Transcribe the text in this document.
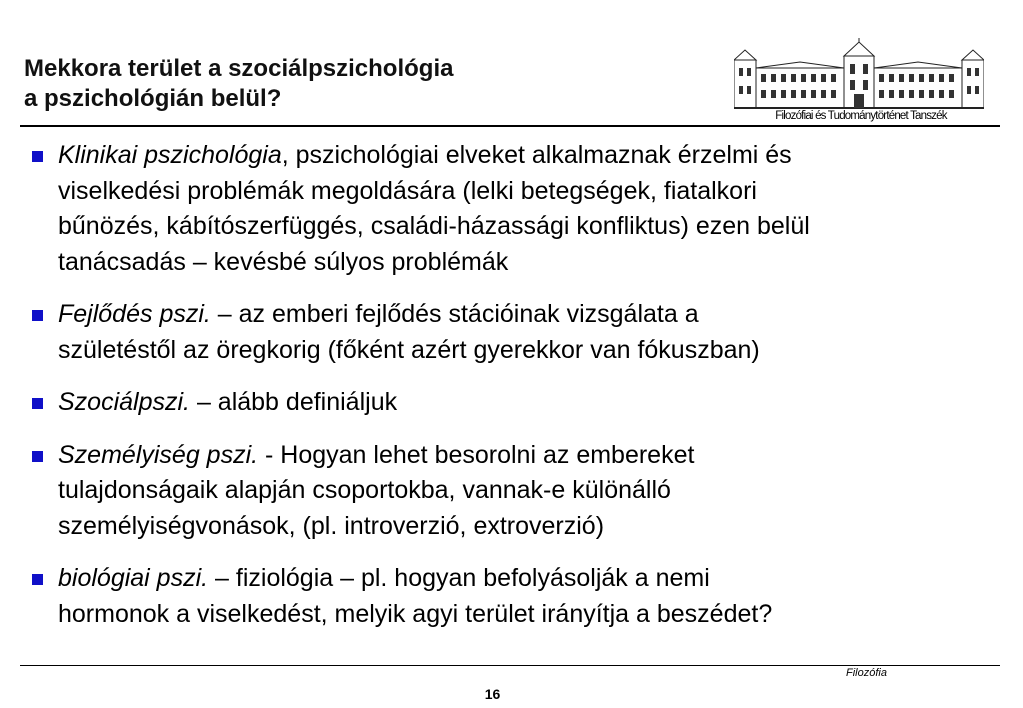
Mekkora terület a szociálpszichológia
a pszichológián belül?
Filozófiai és Tudománytörténet Tanszék
Klinikai pszichológia, pszichológiai elveket alkalmaznak érzelmi és
viselkedési problémák megoldására (lelki betegségek, fiatalkori
bűnözés, kábítószerfüggés, családi-házassági konfliktus) ezen belül
tanácsadás – kevésbé súlyos problémák
Fejlődés pszi. – az emberi fejlődés stációinak vizsgálata a
születéstől az öregkorig (főként azért gyerekkor van fókuszban)
Szociálpszi. – alább definiáljuk
Személyiség pszi. - Hogyan lehet besorolni az embereket
tulajdonságaik alapján csoportokba, vannak-e különálló
személyiségvonások, (pl. introverzió, extroverzió)
biológiai pszi. – fiziológia – pl. hogyan befolyásolják a nemi
hormonok a viselkedést, melyik agyi terület irányítja a beszédet?
Filozófia
16
